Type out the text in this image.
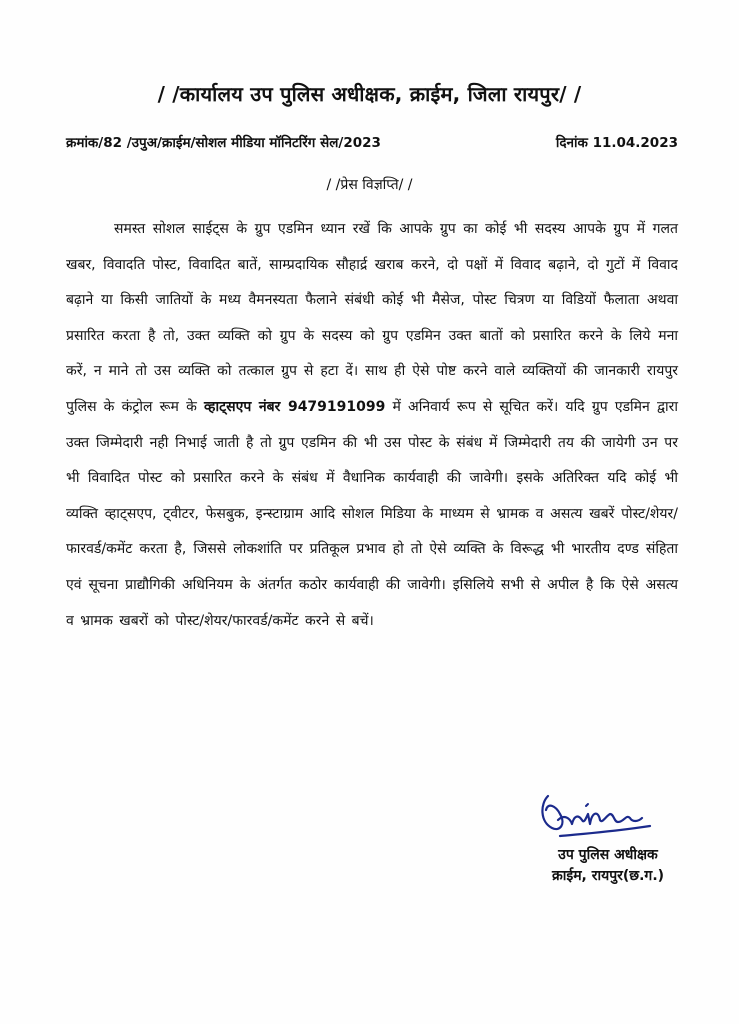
/ /कार्यालय उप पुलिस अधीक्षक, क्राईम, जिला रायपुर/ /
क्रमांक/82 /उपुअ/क्राईम/सोशल मीडिया मॉनिटरिंग सेल/2023	दिनांक 11.04.2023
/ /प्रेस विज्ञप्ति/ /
समस्त सोशल साईट्स के ग्रुप एडमिन ध्यान रखें कि आपके ग्रुप का कोई भी सदस्य आपके ग्रुप में गलत खबर, विवादति पोस्ट, विवादित बातें, साम्प्रदायिक सौहार्द्र खराब करने, दो पक्षों में विवाद बढ़ाने, दो गुटों में विवाद बढ़ाने या किसी जातियों के मध्य वैमनस्यता फैलाने संबंधी कोई भी मैसेज, पोस्ट चित्रण या विडियों फैलाता अथवा प्रसारित करता है तो, उक्त व्यक्ति को ग्रुप के सदस्य को ग्रुप एडमिन उक्त बातों को प्रसारित करने के लिये मना करें, न माने तो उस व्यक्ति को तत्काल ग्रुप से हटा दें। साथ ही ऐसे पोष्ट करने वाले व्यक्तियों की जानकारी रायपुर पुलिस के कंट्रोल रूम के व्हाट्सएप नंबर 9479191099 में अनिवार्य रूप से सूचित करें। यदि ग्रुप एडमिन द्वारा उक्त जिम्मेदारी नही निभाई जाती है तो ग्रुप एडमिन की भी उस पोस्ट के संबंध में जिम्मेदारी तय की जायेगी उन पर भी विवादित पोस्ट को प्रसारित करने के संबंध में वैधानिक कार्यवाही की जावेगी। इसके अतिरिक्त यदि कोई भी व्यक्ति व्हाट्सएप, ट्वीटर, फेसबुक, इन्स्टाग्राम आदि सोशल मिडिया के माध्यम से भ्रामक व असत्य खबरें पोस्ट/शेयर/फारवर्ड/कमेंट करता है, जिससे लोकशांति पर प्रतिकूल प्रभाव हो तो ऐसे व्यक्ति के विरूद्ध भी भारतीय दण्ड संहिता एवं सूचना प्राद्यौगिकी अधिनियम के अंतर्गत कठोर कार्यवाही की जावेगी। इसिलिये सभी से अपील है कि ऐसे असत्य व भ्रामक खबरों को पोस्ट/शेयर/फारवर्ड/कमेंट करने से बचें।
उप पुलिस अधीक्षक
क्राईम, रायपुर(छ.ग.)
